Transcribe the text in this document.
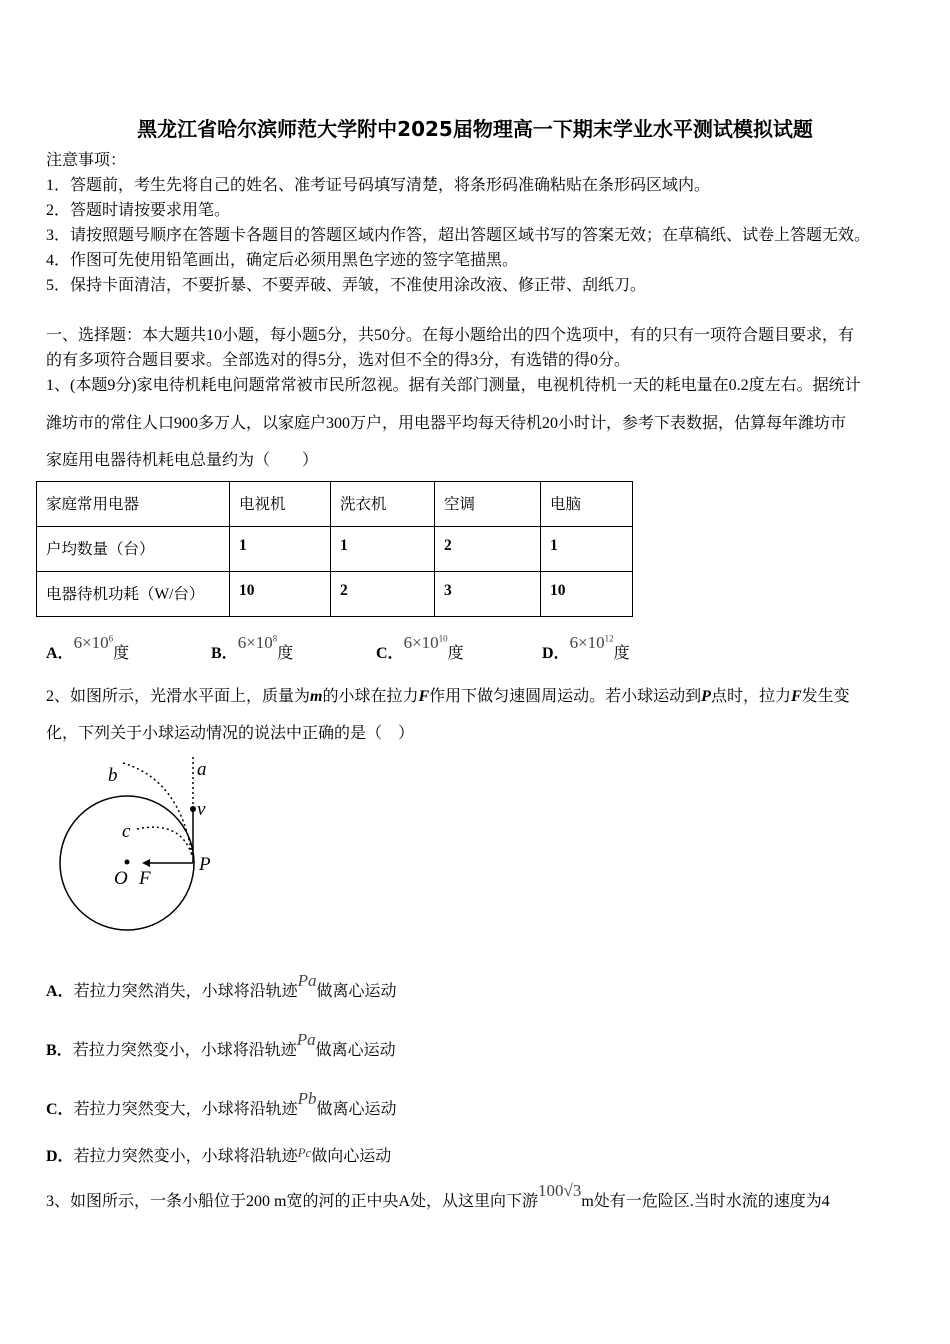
黑龙江省哈尔滨师范大学附中2025届物理高一下期末学业水平测试模拟试题
注意事项：
1．答题前，考生先将自己的姓名、准考证号码填写清楚，将条形码准确粘贴在条形码区域内。
2．答题时请按要求用笔。
3．请按照题号顺序在答题卡各题目的答题区域内作答，超出答题区域书写的答案无效；在草稿纸、试卷上答题无效。
4．作图可先使用铅笔画出，确定后必须用黑色字迹的签字笔描黑。
5．保持卡面清洁，不要折暴、不要弄破、弄皱，不准使用涂改液、修正带、刮纸刀。
一、选择题：本大题共10小题，每小题5分，共50分。在每小题给出的四个选项中，有的只有一项符合题目要求，有
的有多项符合题目要求。全部选对的得5分，选对但不全的得3分，有选错的得0分。
1、(本题9分)家电待机耗电问题常常被市民所忽视。据有关部门测量，电视机待机一天的耗电量在0.2度左右。据统计
潍坊市的常住人口900多万人，以家庭户300万户，用电器平均每天待机20小时计，参考下表数据，估算每年潍坊市
家庭用电器待机耗电总量约为（　　）
家庭常用电器	电视机	洗衣机	空调	电脑
户均数量（台）	1	1	2	1
电器待机功耗（W/台）	10	2	3	10
A．$6\times 10^6$度	B．$6\times 10^8$度	C．$6\times 10^{10}$度	D．$6\times 10^{12}$度
2、如图所示，光滑水平面上，质量为m的小球在拉力F作用下做匀速圆周运动。若小球运动到P点时，拉力F发生变
化，下列关于小球运动情况的说法中正确的是（　）
a
b
c
v
O F
P
A．若拉力突然消失，小球将沿轨迹Pa做离心运动
B．若拉力突然变小，小球将沿轨迹Pa做离心运动
C．若拉力突然变大，小球将沿轨迹Pb做离心运动
D．若拉力突然变小，小球将沿轨迹$^{Pc}$做向心运动
3、如图所示，一条小船位于200 m宽的河的正中央A处，从这里向下游100√3m处有一危险区.当时水流的速度为4
